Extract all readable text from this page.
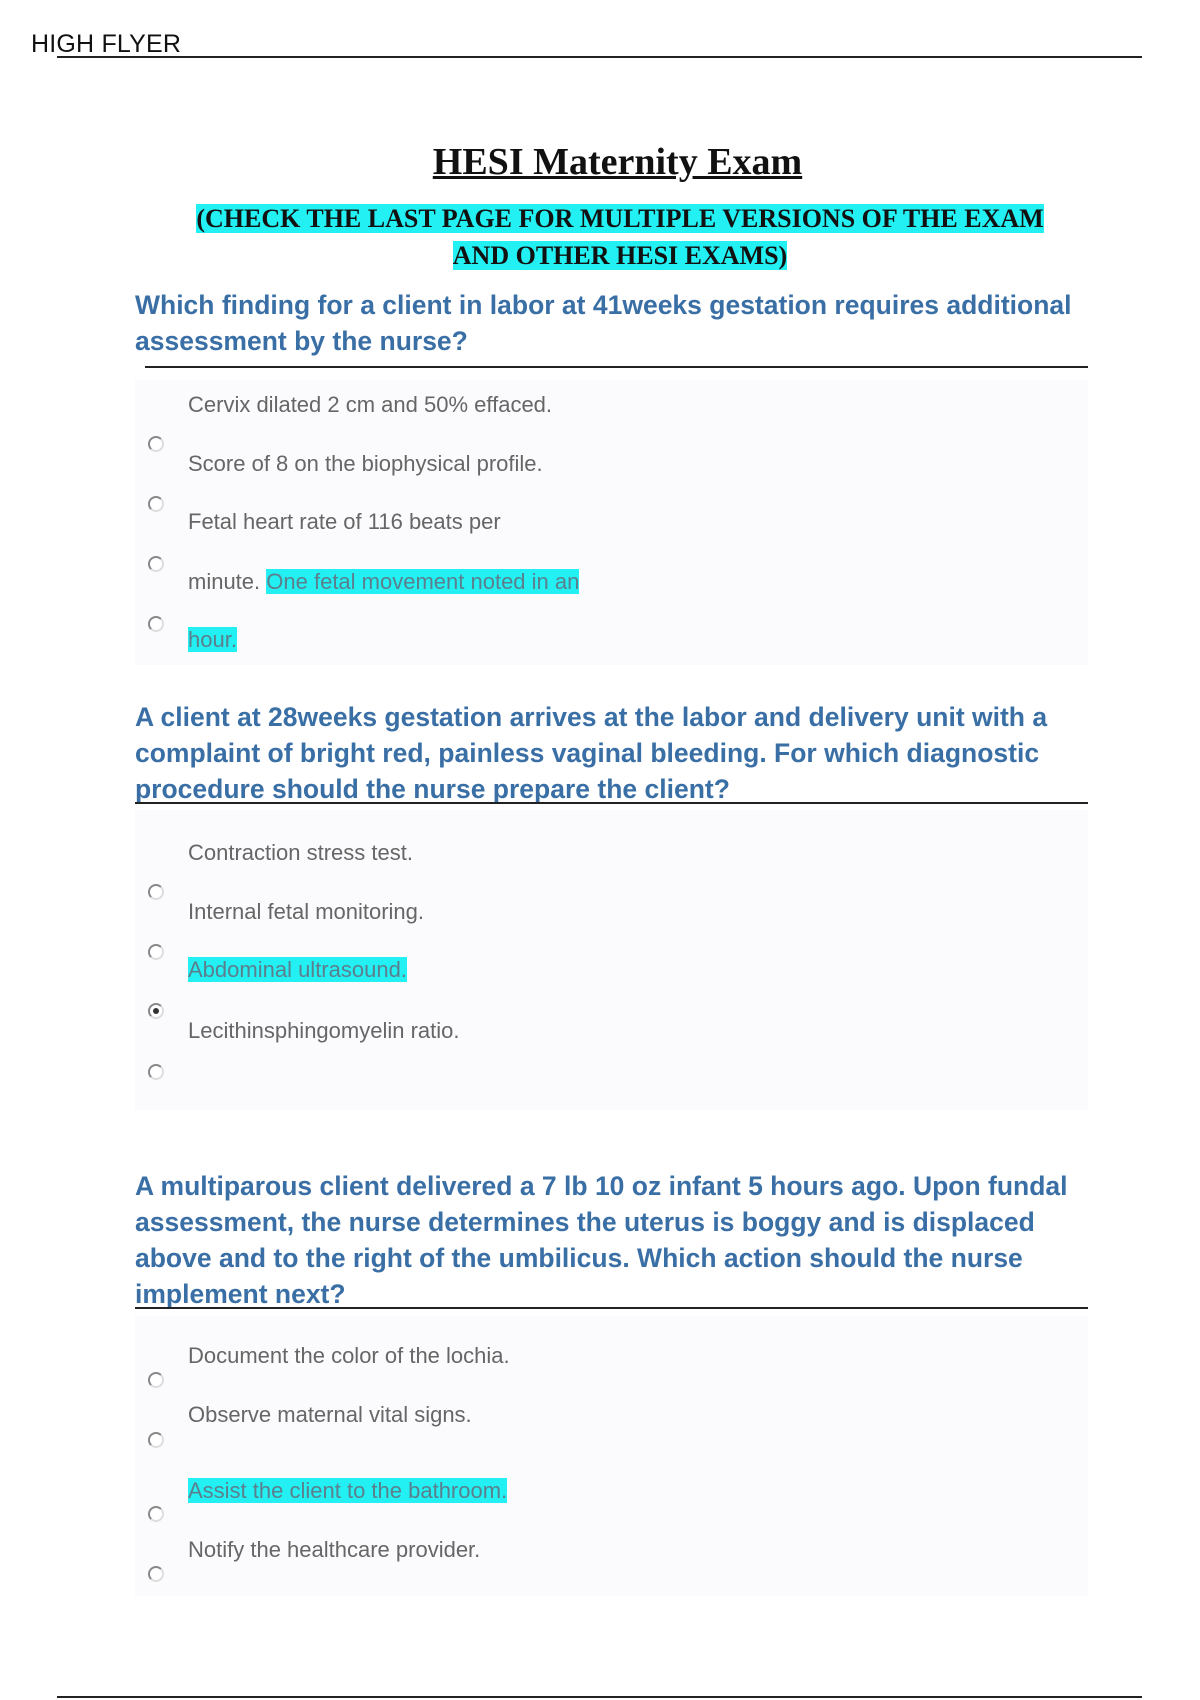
HIGH FLYER
HESI Maternity Exam
(CHECK THE LAST PAGE FOR MULTIPLE VERSIONS OF THE EXAM
AND OTHER HESI EXAMS)
Which finding for a client in labor at 41weeks gestation requires additional assessment by the nurse?
Cervix dilated 2 cm and 50% effaced.
Score of 8 on the biophysical profile.
Fetal heart rate of 116 beats per
minute. One fetal movement noted in an
hour.
A client at 28weeks gestation arrives at the labor and delivery unit with a complaint of bright red, painless vaginal bleeding. For which diagnostic procedure should the nurse prepare the client?
Contraction stress test.
Internal fetal monitoring.
Abdominal ultrasound.
Lecithinsphingomyelin ratio.
A multiparous client delivered a 7 lb 10 oz infant 5 hours ago. Upon fundal assessment, the nurse determines the uterus is boggy and is displaced above and to the right of the umbilicus. Which action should the nurse implement next?
Document the color of the lochia.
Observe maternal vital signs.
Assist the client to the bathroom.
Notify the healthcare provider.
